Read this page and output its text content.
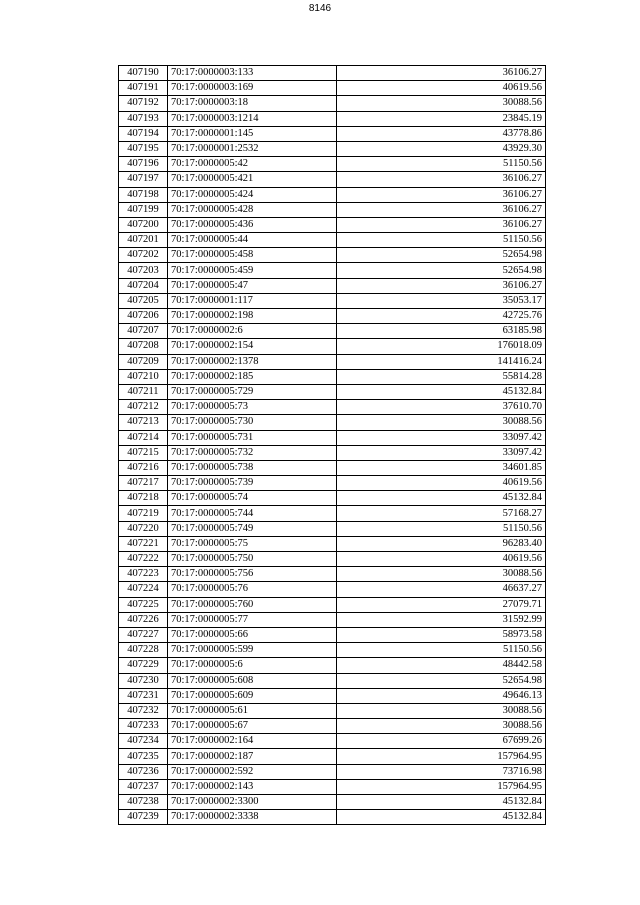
8146
407190	70:17:0000003:133	36106.27
407191	70:17:0000003:169	40619.56
407192	70:17:0000003:18	30088.56
407193	70:17:0000003:1214	23845.19
407194	70:17:0000001:145	43778.86
407195	70:17:0000001:2532	43929.30
407196	70:17:0000005:42	51150.56
407197	70:17:0000005:421	36106.27
407198	70:17:0000005:424	36106.27
407199	70:17:0000005:428	36106.27
407200	70:17:0000005:436	36106.27
407201	70:17:0000005:44	51150.56
407202	70:17:0000005:458	52654.98
407203	70:17:0000005:459	52654.98
407204	70:17:0000005:47	36106.27
407205	70:17:0000001:117	35053.17
407206	70:17:0000002:198	42725.76
407207	70:17:0000002:6	63185.98
407208	70:17:0000002:154	176018.09
407209	70:17:0000002:1378	141416.24
407210	70:17:0000002:185	55814.28
407211	70:17:0000005:729	45132.84
407212	70:17:0000005:73	37610.70
407213	70:17:0000005:730	30088.56
407214	70:17:0000005:731	33097.42
407215	70:17:0000005:732	33097.42
407216	70:17:0000005:738	34601.85
407217	70:17:0000005:739	40619.56
407218	70:17:0000005:74	45132.84
407219	70:17:0000005:744	57168.27
407220	70:17:0000005:749	51150.56
407221	70:17:0000005:75	96283.40
407222	70:17:0000005:750	40619.56
407223	70:17:0000005:756	30088.56
407224	70:17:0000005:76	46637.27
407225	70:17:0000005:760	27079.71
407226	70:17:0000005:77	31592.99
407227	70:17:0000005:66	58973.58
407228	70:17:0000005:599	51150.56
407229	70:17:0000005:6	48442.58
407230	70:17:0000005:608	52654.98
407231	70:17:0000005:609	49646.13
407232	70:17:0000005:61	30088.56
407233	70:17:0000005:67	30088.56
407234	70:17:0000002:164	67699.26
407235	70:17:0000002:187	157964.95
407236	70:17:0000002:592	73716.98
407237	70:17:0000002:143	157964.95
407238	70:17:0000002:3300	45132.84
407239	70:17:0000002:3338	45132.84
